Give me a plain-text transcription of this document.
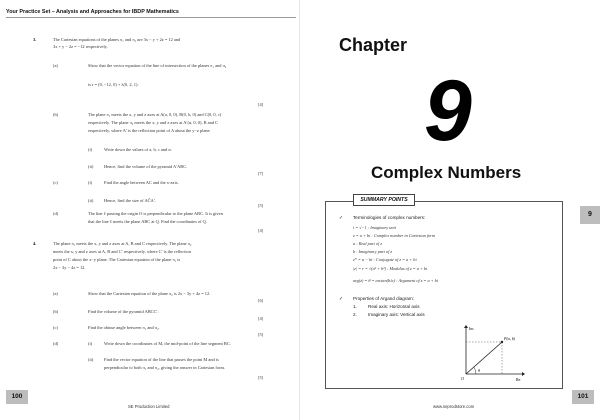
Your Practice Set – Analysis and Approaches for IBDP Mathematics
3.	The Cartesian equations of the planes π₁ and π₂ are 3x − y + 2z = 12 and
3x + y − 2z = −12 respectively.
(a)	Show that the vector equation of the line of intersection of the planes π₁ and π₂
is r = (0, −12, 0) + λ(0, 2, 1).
[4]
(b)	The plane π₁ meets the x, y and z axes at A(a, 0, 0), B(0, b, 0) and C(0, 0, c)
respectively. The plane π₂ meets the x, y and z axes at A′(α, 0, 0), B and C
respectively, where A′ is the reflection point of A about the y−z plane.
(i)	Write down the values of a, b, c and α.
(ii) Hence, find the volume of the pyramid A′ABC.
[7]
(c)	(i)	Find the angle between AC and the x-axis.
(ii) Hence, find the size of AĈA′.
[5]
(d)	The line ℓ passing the origin O is perpendicular to the plane ABC. It is given
that the line ℓ meets the plane ABC at Q. Find the coordinates of Q.
[4]
4.	The plane π₁ meets the x, y and z axes at A, B and C respectively. The plane π₂
meets the x, y and z axes at A, B and C′ respectively, where C′ is the reflection
point of C about the x−y plane. The Cartesian equation of the plane π₁ is
2x − 3y − 4z = 12.
(a)	Show that the Cartesian equation of the plane π₂ is 2x − 3y + 4z = 12.
[6]
(b)	Find the volume of the pyramid ABCC′.
[4]
(c)	Find the obtuse angle between π₁ and π₂.
[5]
(d)	(i)	Write down the coordinates of M, the mid-point of the line segment BC.
(ii) Find the vector equation of the line that passes the point M and is
perpendicular to both π₁ and π₂, giving the answer in Cartesian form.
[5]
100
SE Production Limited
Chapter
9
Complex Numbers
9
SUMMARY POINTS
✓ Terminologies of complex numbers:
i = √−1 : Imaginary unit
z = a + bi : Complex number in Cartesian form
a : Real part of z
b : Imaginary part of z
z* = a − bi : Conjugate of z = a + bi
|z| = r = √(a² + b²) : Modulus of z = a + bi
arg(z) = θ = arctan(b/a) : Argument of z = a + bi
✓ Properties of Argand diagram:
1. Real axis: Horizontal axis
2. Imaginary axis: Vertical axis
Im
Re
O
P(a, b)
θ
101
www.seprodstore.com
